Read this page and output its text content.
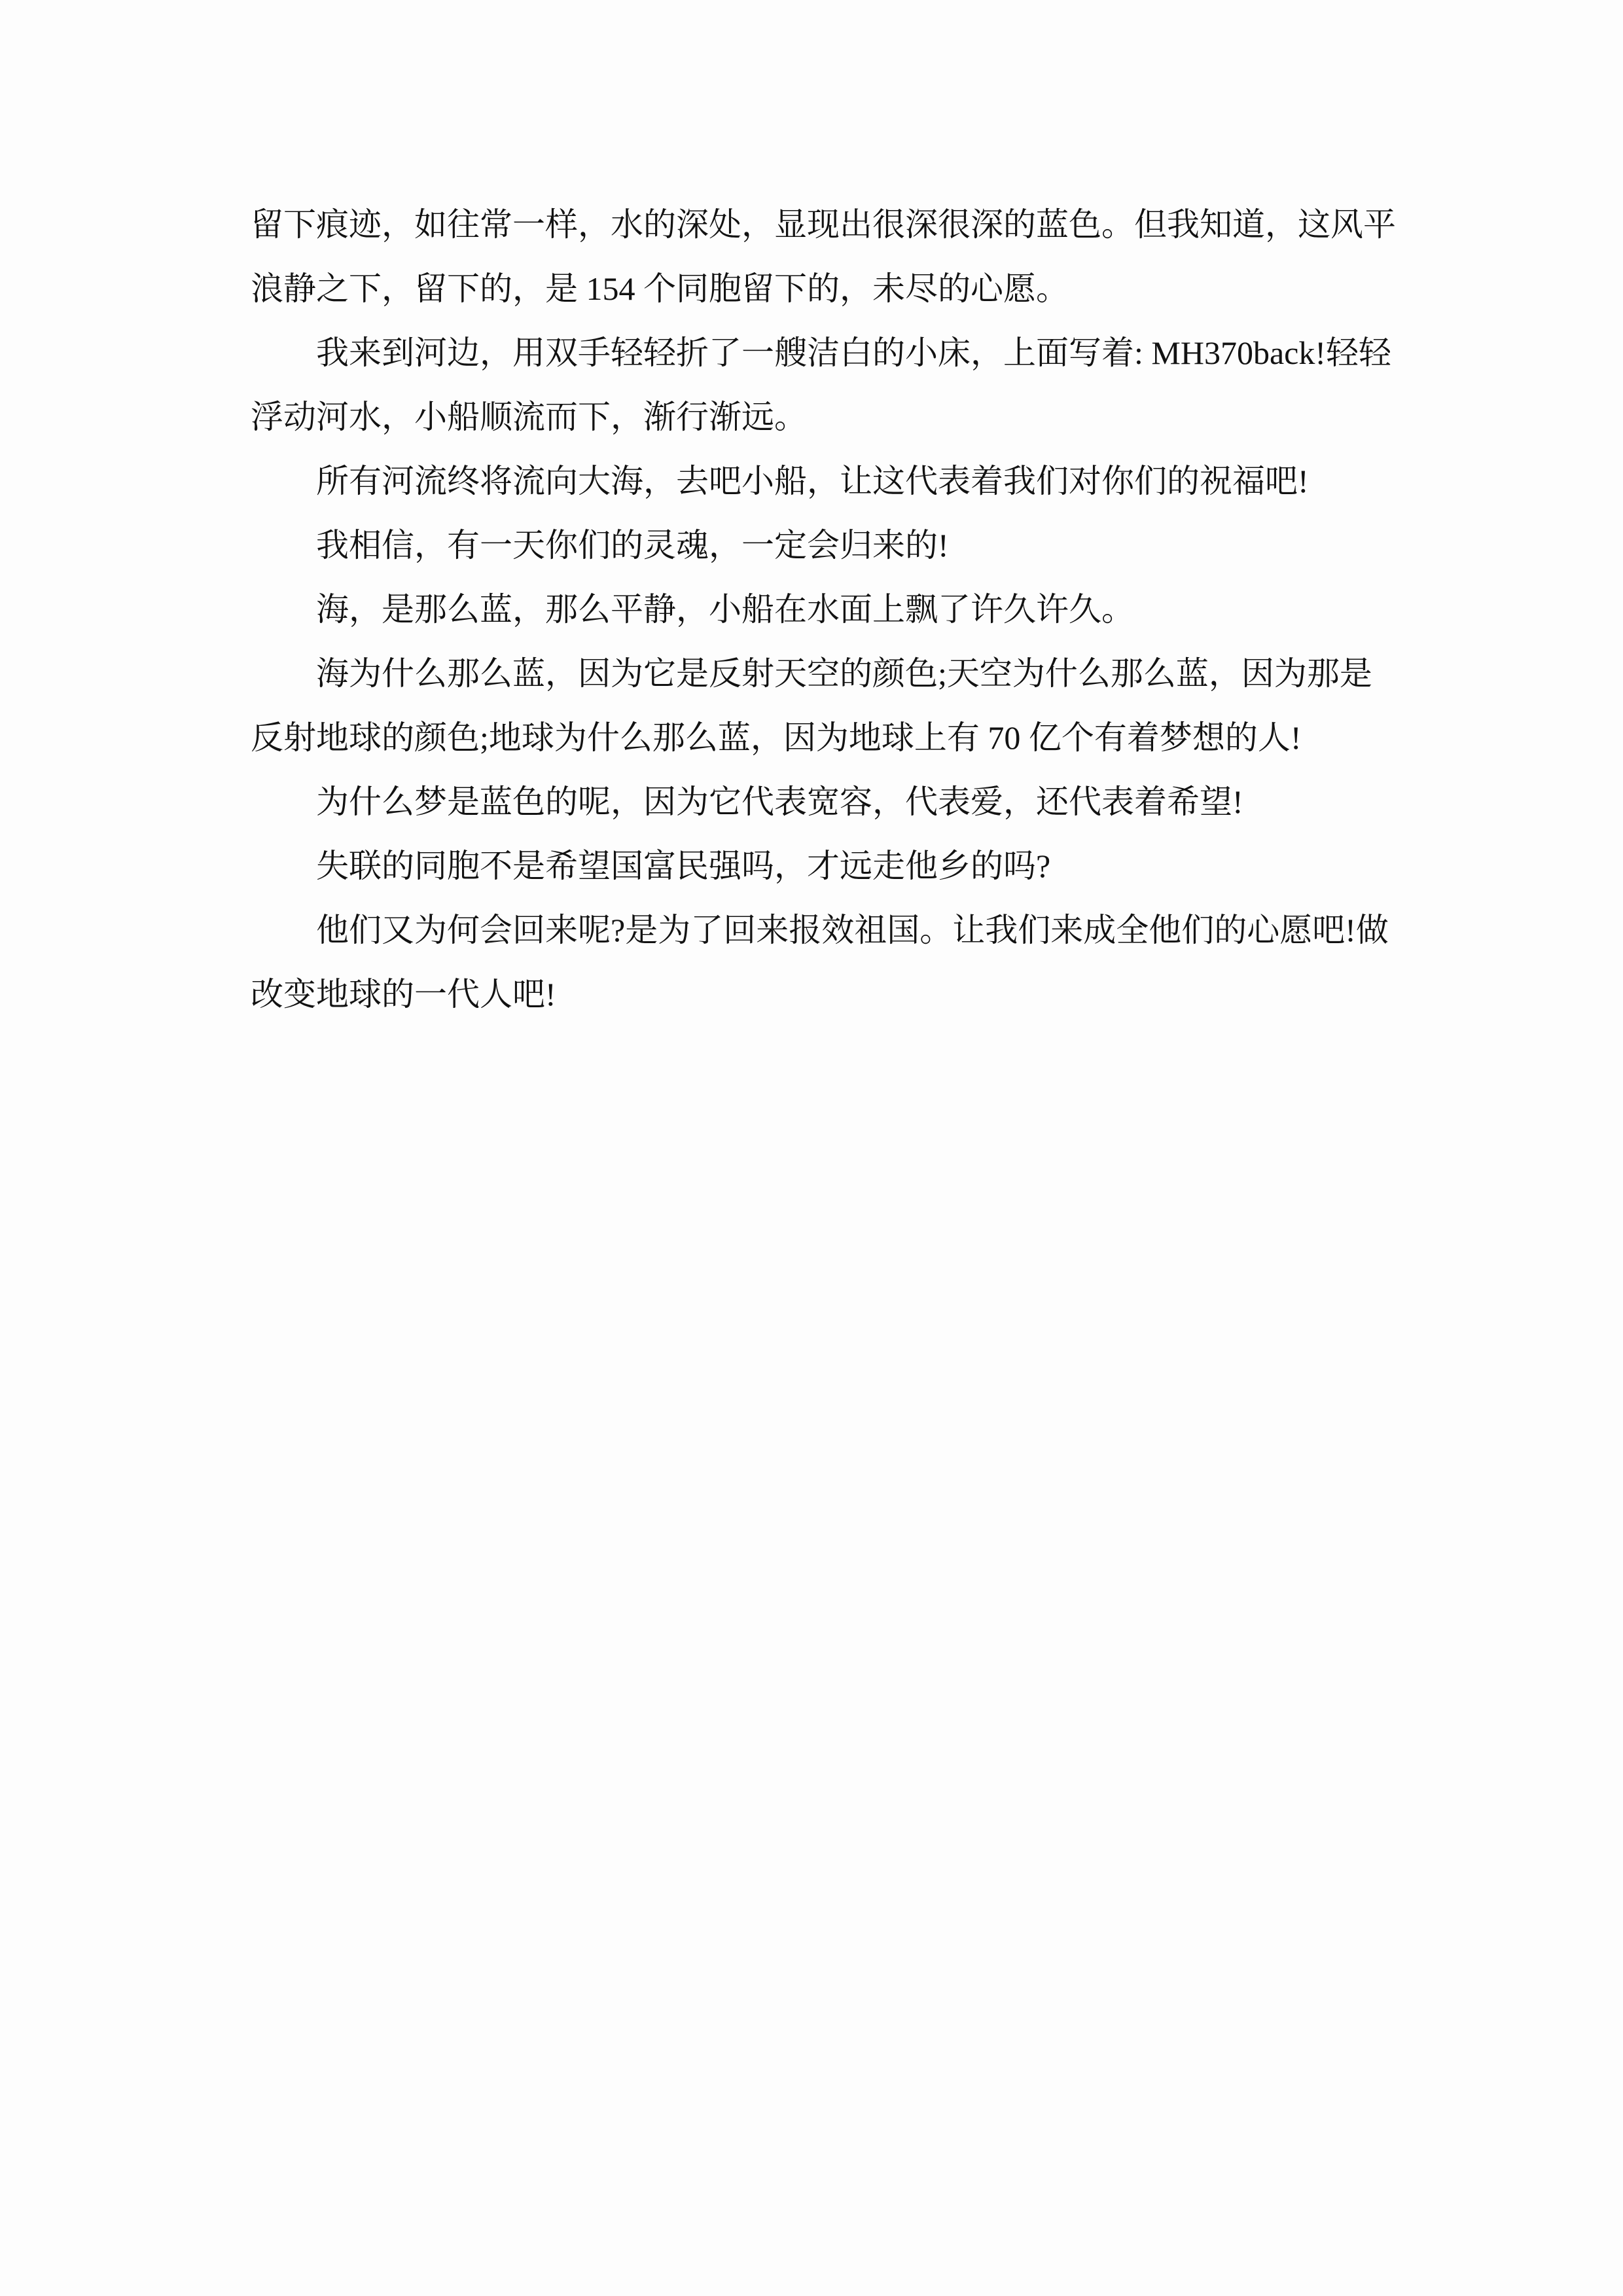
留下痕迹，如往常一样，水的深处，显现出很深很深的蓝色。但我知道，这风平
浪静之下，留下的，是 154 个同胞留下的，未尽的心愿。
我来到河边，用双手轻轻折了一艘洁白的小床，上面写着: MH370back!轻轻
浮动河水，小船顺流而下，渐行渐远。
所有河流终将流向大海，去吧小船，让这代表着我们对你们的祝福吧!
我相信，有一天你们的灵魂，一定会归来的!
海，是那么蓝，那么平静，小船在水面上飘了许久许久。
海为什么那么蓝，因为它是反射天空的颜色;天空为什么那么蓝，因为那是
反射地球的颜色;地球为什么那么蓝，因为地球上有 70 亿个有着梦想的人!
为什么梦是蓝色的呢，因为它代表宽容，代表爱，还代表着希望!
失联的同胞不是希望国富民强吗，才远走他乡的吗?
他们又为何会回来呢?是为了回来报效祖国。让我们来成全他们的心愿吧!做
改变地球的一代人吧!
